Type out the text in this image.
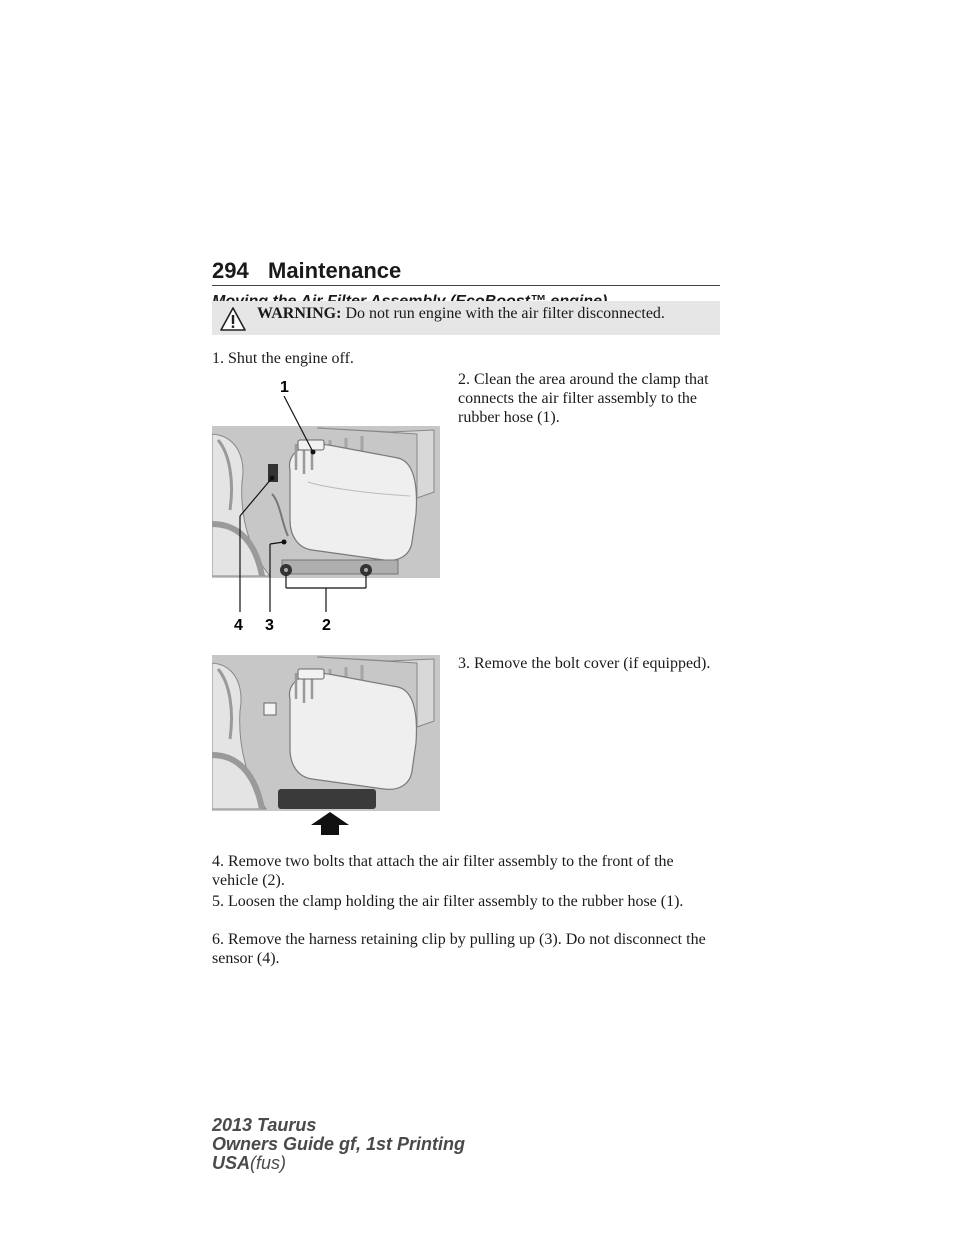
294 Maintenance
WARNING: Do not run engine with the air filter disconnected.
1. Shut the engine off.
2. Clean the area around the clamp that connects the air filter assembly to the rubber hose (1).
1
2
3
4
3. Remove the bolt cover (if equipped).
4. Remove two bolts that attach the air filter assembly to the front of the vehicle (2).
5. Loosen the clamp holding the air filter assembly to the rubber hose (1).
6. Remove the harness retaining clip by pulling up (3). Do not disconnect the sensor (4).
2013 Taurus
Owners Guide gf, 1st Printing
USA(fus)
